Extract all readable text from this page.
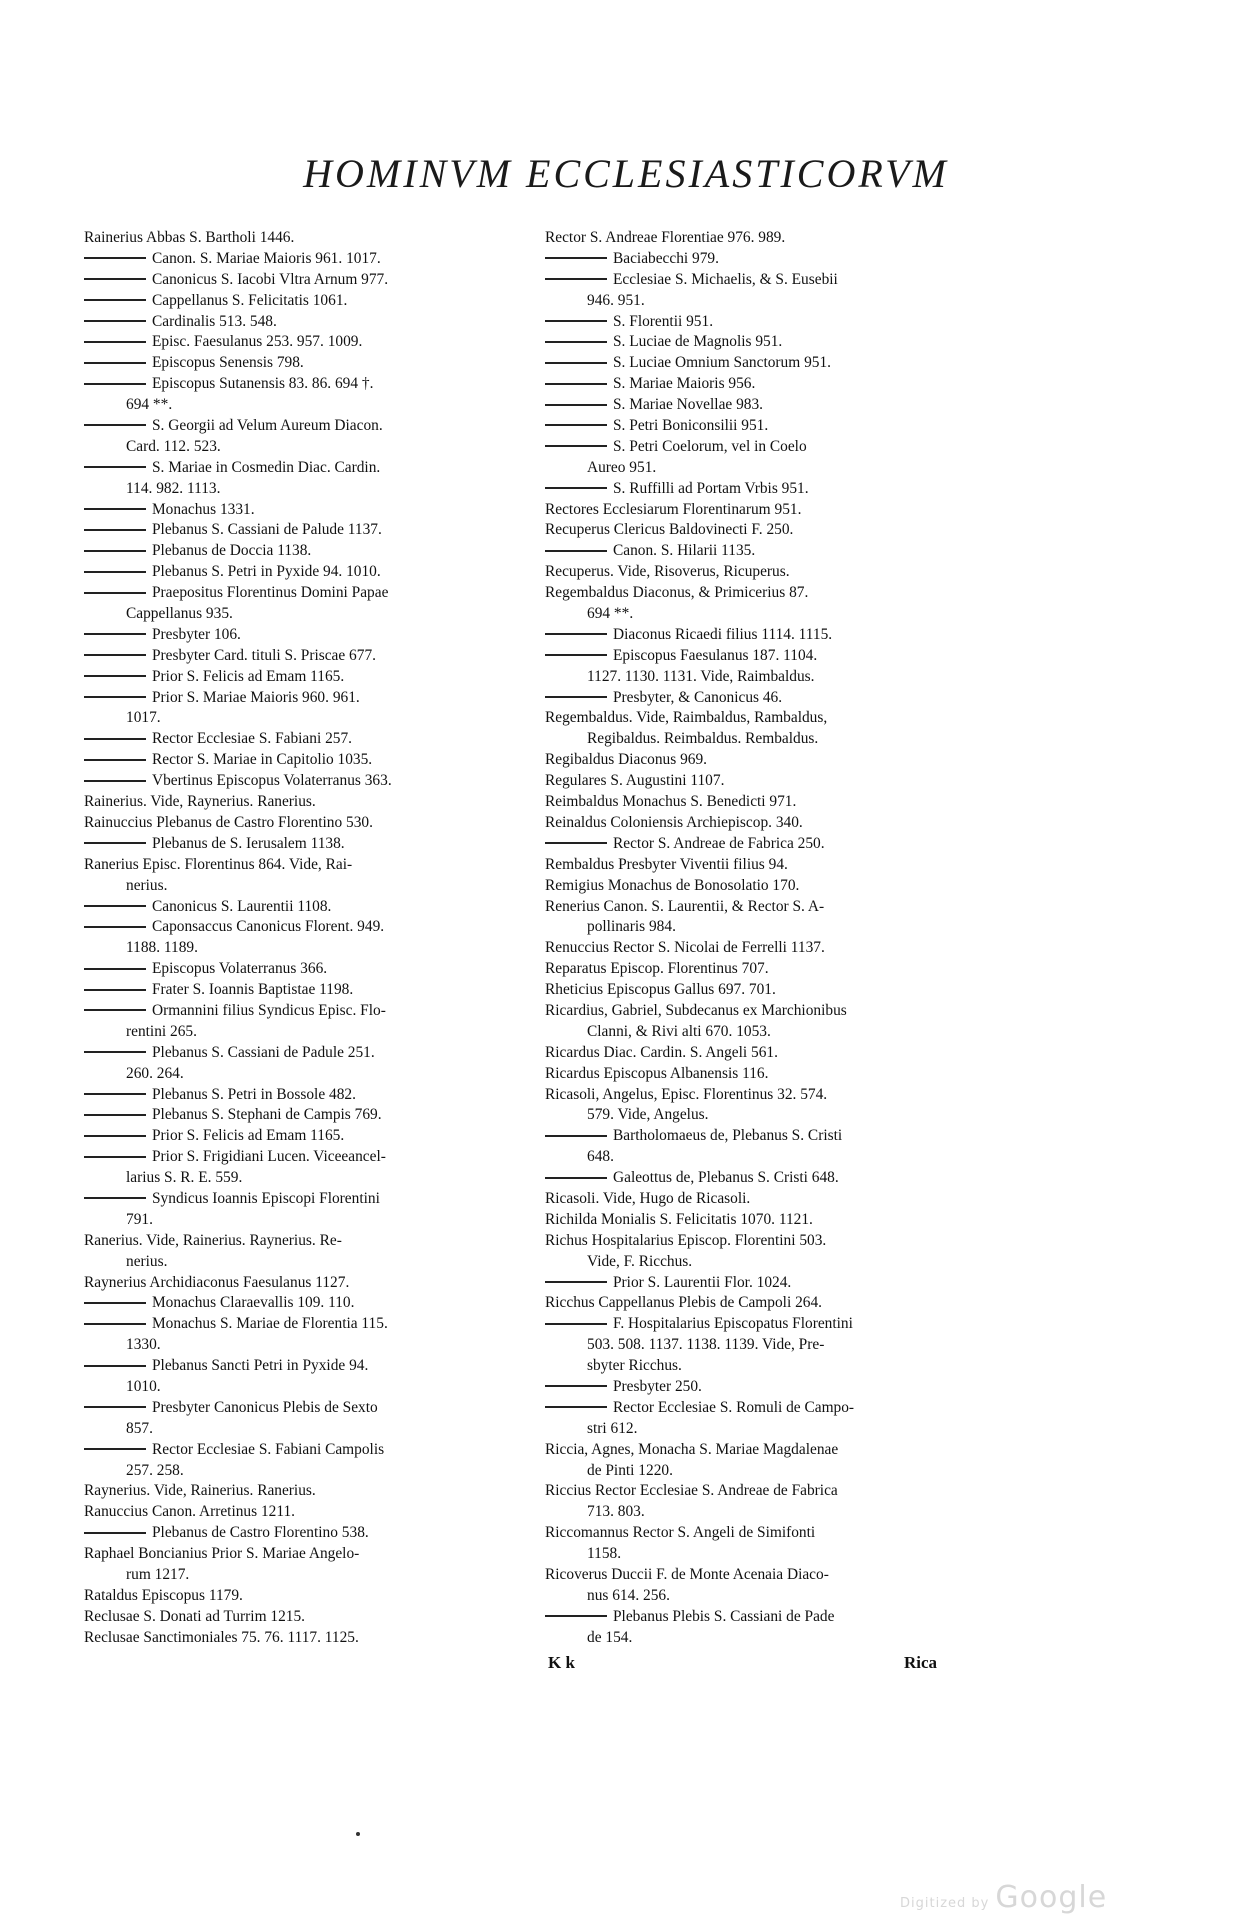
HOMINVM ECCLESIASTICORVM
Rainerius Abbas S. Bartholi 1446.
Canon. S. Mariae Maioris 961. 1017.
Canonicus S. Iacobi Vltra Arnum 977.
Cappellanus S. Felicitatis 1061.
Cardinalis 513. 548.
Episc. Faesulanus 253. 957. 1009.
Episcopus Senensis 798.
Episcopus Sutanensis 83. 86. 694 †.
694 **.
S. Georgii ad Velum Aureum Diacon.
Card. 112. 523.
S. Mariae in Cosmedin Diac. Cardin.
114. 982. 1113.
Monachus 1331.
Plebanus S. Cassiani de Palude 1137.
Plebanus de Doccia 1138.
Plebanus S. Petri in Pyxide 94. 1010.
Praepositus Florentinus Domini Papae
Cappellanus 935.
Presbyter 106.
Presbyter Card. tituli S. Priscae 677.
Prior S. Felicis ad Emam 1165.
Prior S. Mariae Maioris 960. 961.
1017.
Rector Ecclesiae S. Fabiani 257.
Rector S. Mariae in Capitolio 1035.
Vbertinus Episcopus Volaterranus 363.
Rainerius. Vide, Raynerius. Ranerius.
Rainuccius Plebanus de Castro Florentino 530.
Plebanus de S. Ierusalem 1138.
Ranerius Episc. Florentinus 864. Vide, Rai-
nerius.
Canonicus S. Laurentii 1108.
Caponsaccus Canonicus Florent. 949.
1188. 1189.
Episcopus Volaterranus 366.
Frater S. Ioannis Baptistae 1198.
Ormannini filius Syndicus Episc. Flo-
rentini 265.
Plebanus S. Cassiani de Padule 251.
260. 264.
Plebanus S. Petri in Bossole 482.
Plebanus S. Stephani de Campis 769.
Prior S. Felicis ad Emam 1165.
Prior S. Frigidiani Lucen. Viceeancel-
larius S. R. E. 559.
Syndicus Ioannis Episcopi Florentini
791.
Ranerius. Vide, Rainerius. Raynerius. Re-
nerius.
Raynerius Archidiaconus Faesulanus 1127.
Monachus Claraevallis 109. 110.
Monachus S. Mariae de Florentia 115.
1330.
Plebanus Sancti Petri in Pyxide 94.
1010.
Presbyter Canonicus Plebis de Sexto
857.
Rector Ecclesiae S. Fabiani Campolis
257. 258.
Raynerius. Vide, Rainerius. Ranerius.
Ranuccius Canon. Arretinus 1211.
Plebanus de Castro Florentino 538.
Raphael Boncianius Prior S. Mariae Angelo-
rum 1217.
Rataldus Episcopus 1179.
Reclusae S. Donati ad Turrim 1215.
Reclusae Sanctimoniales 75. 76. 1117. 1125.
Rector S. Andreae Florentiae 976. 989.
Baciabecchi 979.
Ecclesiae S. Michaelis, & S. Eusebii
946. 951.
S. Florentii 951.
S. Luciae de Magnolis 951.
S. Luciae Omnium Sanctorum 951.
S. Mariae Maioris 956.
S. Mariae Novellae 983.
S. Petri Boniconsilii 951.
S. Petri Coelorum, vel in Coelo
Aureo 951.
S. Ruffilli ad Portam Vrbis 951.
Rectores Ecclesiarum Florentinarum 951.
Recuperus Clericus Baldovinecti F. 250.
Canon. S. Hilarii 1135.
Recuperus. Vide, Risoverus, Ricuperus.
Regembaldus Diaconus, & Primicerius 87.
694 **.
Diaconus Ricaedi filius 1114. 1115.
Episcopus Faesulanus 187. 1104.
1127. 1130. 1131. Vide, Raimbaldus.
Presbyter, & Canonicus 46.
Regembaldus. Vide, Raimbaldus, Rambaldus,
Regibaldus. Reimbaldus. Rembaldus.
Regibaldus Diaconus 969.
Regulares S. Augustini 1107.
Reimbaldus Monachus S. Benedicti 971.
Reinaldus Coloniensis Archiepiscop. 340.
Rector S. Andreae de Fabrica 250.
Rembaldus Presbyter Viventii filius 94.
Remigius Monachus de Bonosolatio 170.
Renerius Canon. S. Laurentii, & Rector S. A-
pollinaris 984.
Renuccius Rector S. Nicolai de Ferrelli 1137.
Reparatus Episcop. Florentinus 707.
Rheticius Episcopus Gallus 697. 701.
Ricardius, Gabriel, Subdecanus ex Marchionibus
Clanni, & Rivi alti 670. 1053.
Ricardus Diac. Cardin. S. Angeli 561.
Ricardus Episcopus Albanensis 116.
Ricasoli, Angelus, Episc. Florentinus 32. 574.
579. Vide, Angelus.
Bartholomaeus de, Plebanus S. Cristi
648.
Galeottus de, Plebanus S. Cristi 648.
Ricasoli. Vide, Hugo de Ricasoli.
Richilda Monialis S. Felicitatis 1070. 1121.
Richus Hospitalarius Episcop. Florentini 503.
Vide, F. Ricchus.
Prior S. Laurentii Flor. 1024.
Ricchus Cappellanus Plebis de Campoli 264.
F. Hospitalarius Episcopatus Florentini
503. 508. 1137. 1138. 1139. Vide, Pre-
sbyter Ricchus.
Presbyter 250.
Rector Ecclesiae S. Romuli de Campo-
stri 612.
Riccia, Agnes, Monacha S. Mariae Magdalenae
de Pinti 1220.
Riccius Rector Ecclesiae S. Andreae de Fabrica
713. 803.
Riccomannus Rector S. Angeli de Simifonti
1158.
Ricoverus Duccii F. de Monte Acenaia Diaco-
nus 614. 256.
Plebanus Plebis S. Cassiani de Pade
de 154.
K k	Rica
Digitized by Google
